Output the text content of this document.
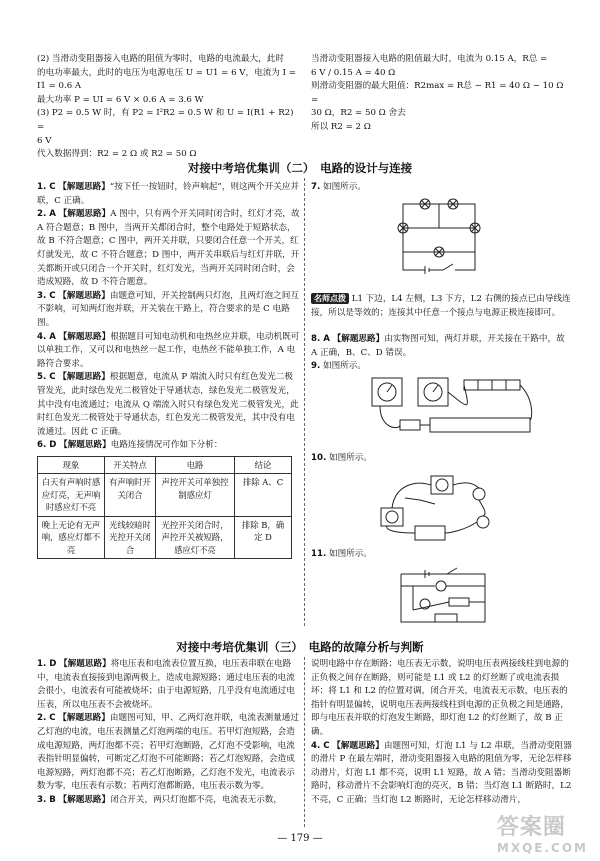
(2) 当滑动变阻器接入电路的阻值为零时，电路的电流最大，此时

的电功率最大，此时的电压为电源电压 U = U1 = 6 V，电流为 I =

I1 = 0.6 A

最大功率 P = UI = 6 V × 0.6 A = 3.6 W

(3) P2 = 0.5 W 时，有 P2 = I²R2 = 0.5 W 和 U = I(R1 + R2) =

6 V

代入数据得到：R2 = 2 Ω 或 R2 = 50 Ω

当滑动变阻器接入电路的阻值最大时，电流为 0.15 A，R总 =

6 V / 0.15 A = 40 Ω

则滑动变阻器的最大阻值：R2max = R总 − R1 = 40 Ω − 10 Ω =

30 Ω，R2 = 50 Ω 舍去

所以 R2 = 2 Ω

对接中考培优集训（二）　电路的设计与连接

1. C 【解题思路】“按下任一按钮时，铃声响起”，则这两个开关应并联，C 正确。

2. A 【解题思路】A 图中，只有两个开关同时闭合时，红灯才亮，故 A 符合题意；B 图中，当两开关都闭合时，整个电路处于短路状态，故 B 不符合题意；C 图中，两开关并联，只要闭合任意一个开关，红灯就发光，故 C 不符合题意；D 图中，两开关串联后与红灯并联，开关都断开或只闭合一个开关时，红灯发光，当两开关同时闭合时，会造成短路，故 D 不符合题意。

3. C 【解题思路】由题意可知，开关控制两只灯泡，且两灯泡之间互不影响，可知两灯泡并联，开关装在干路上，符合要求的是 C 电路图。

4. A 【解题思路】根据题目可知电动机和电热丝应并联，电动机既可以单独工作，又可以和电热丝一起工作，电热丝不能单独工作，A 电路符合要求。

5. C 【解题思路】根据题意，电流从 P 端流入时只有红色发光二极管发光，此时绿色发光二极管处于导通状态，绿色发光二极管发光，其中没有电流通过；电流从 Q 端流入时只有绿色发光二极管发光，此时红色发光二极管处于导通状态，红色发光二极管发光，其中没有电流通过。因此 C 正确。

6. D 【解题思路】电路连接情况可作如下分析：

现象	开关特点	电路	结论
白天有声响时感应灯亮，无声响时感应灯不亮	有声响时开关闭合	声控开关可单独控制感应灯	排除 A、C
晚上无论有无声响，感应灯都不亮	光线较暗时光控开关闭合	光控开关闭合时，声控开关被短路，感应灯不亮	排除 B，确定 D

7. 如图所示。

名师点拨 L1 下边，L4 左侧，L3 下方，L2 右侧的接点已由导线连接，所以是等效的；连接其中任意一个接点与电源正极连接即可。

8. A 【解题思路】由实物图可知，两灯并联，开关接在干路中，故 A 正确，B、C、D 错误。

9. 如图所示。

10. 如图所示。

11. 如图所示。

对接中考培优集训（三）　电路的故障分析与判断

1. D 【解题思路】将电压表和电流表位置互换，电压表串联在电路中，电流表直接接到电源两极上，造成电源短路；通过电压表的电流会很小，电流表有可能被烧坏；由于电源短路，几乎没有电流通过电压表，所以电压表不会被烧坏。

2. C 【解题思路】由题图可知，甲、乙两灯泡并联，电流表测量通过乙灯泡的电流，电压表测量乙灯泡两端的电压。若甲灯泡短路，会造成电源短路，两灯泡都不亮；若甲灯泡断路，乙灯泡不受影响，电流表指针明显偏转，可断定乙灯泡不可能断路；若乙灯泡短路，会造成电源短路，两灯泡都不亮；若乙灯泡断路，乙灯泡不发光，电流表示数为零，电压表有示数；若两灯泡都断路，电压表示数为零。

3. B 【解题思路】闭合开关，两只灯泡都不亮，电流表无示数，

说明电路中存在断路；电压表无示数，说明电压表两接线柱到电源的正负极之间存在断路，则可能是 L1 或 L2 的灯丝断了或电流表损坏；将 L1 和 L2 的位置对调，闭合开关，电流表无示数，电压表的指针有明显偏转，说明电压表两接线柱到电源的正负极之间是通路，即与电压表并联的灯泡发生断路，即灯泡 L2 的灯丝断了，故 B 正确。

4. C 【解题思路】由题图可知，灯泡 L1 与 L2 串联，当滑动变阻器的滑片 P 在最左端时，滑动变阻器接入电路的阻值为零，无论怎样移动滑片，灯泡 L1 都不亮，说明 L1 短路，故 A 错；当滑动变阻器断路时，移动滑片不会影响灯泡的亮灭，B 错；当灯泡 L1 断路时，L2 不亮，C 正确；当灯泡 L2 断路时，无论怎样移动滑片，

— 179 —	答案圈
MXQE.COM
